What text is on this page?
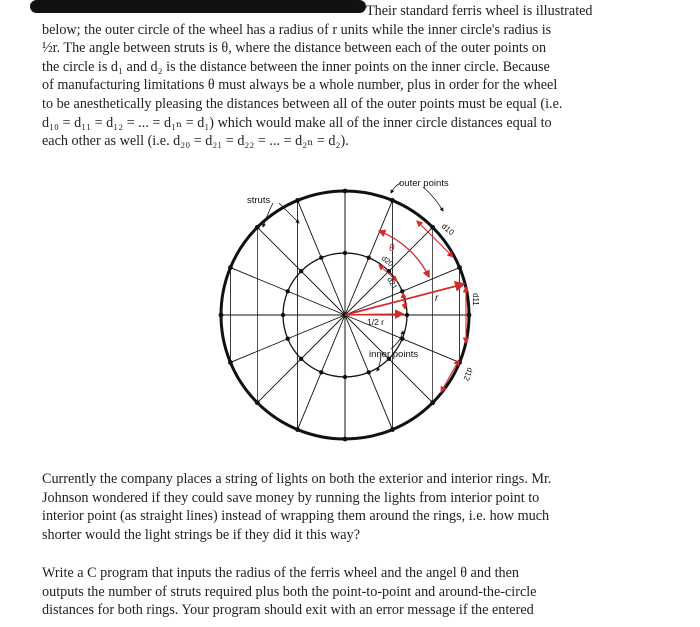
Their standard ferris wheel is illustrated

below; the outer circle of the wheel has a radius of r units while the inner circle's radius is

½r. The angle between struts is θ, where the distance between each of the outer points on

the circle is d₁ and d₂ is the distance between the inner points on the inner circle. Because

of manufacturing limitations θ must always be a whole number, plus in order for the wheel

to be anesthetically pleasing the distances between all of the outer points must be equal (i.e.

d₁₀ = d₁₁ = d₁₂ = ... = d₁ₙ = d₁) which would make all of the inner circle distances equal to

each other as well (i.e. d₂₀ = d₂₁ = d₂₂ = ... = d₂ₙ = d₂).

struts
outer points
inner points
θ
r
1/2 r
d10
d11
d12
d20
d21

Currently the company places a string of lights on both the exterior and interior rings. Mr.

Johnson wondered if they could save money by running the lights from interior point to

interior point (as straight lines) instead of wrapping them around the rings, i.e. how much

shorter would the light strings be if they did it this way?

Write a C program that inputs the radius of the ferris wheel and the angel θ and then

outputs the number of struts required plus both the point-to-point and around-the-circle

distances for both rings. Your program should exit with an error message if the entered
